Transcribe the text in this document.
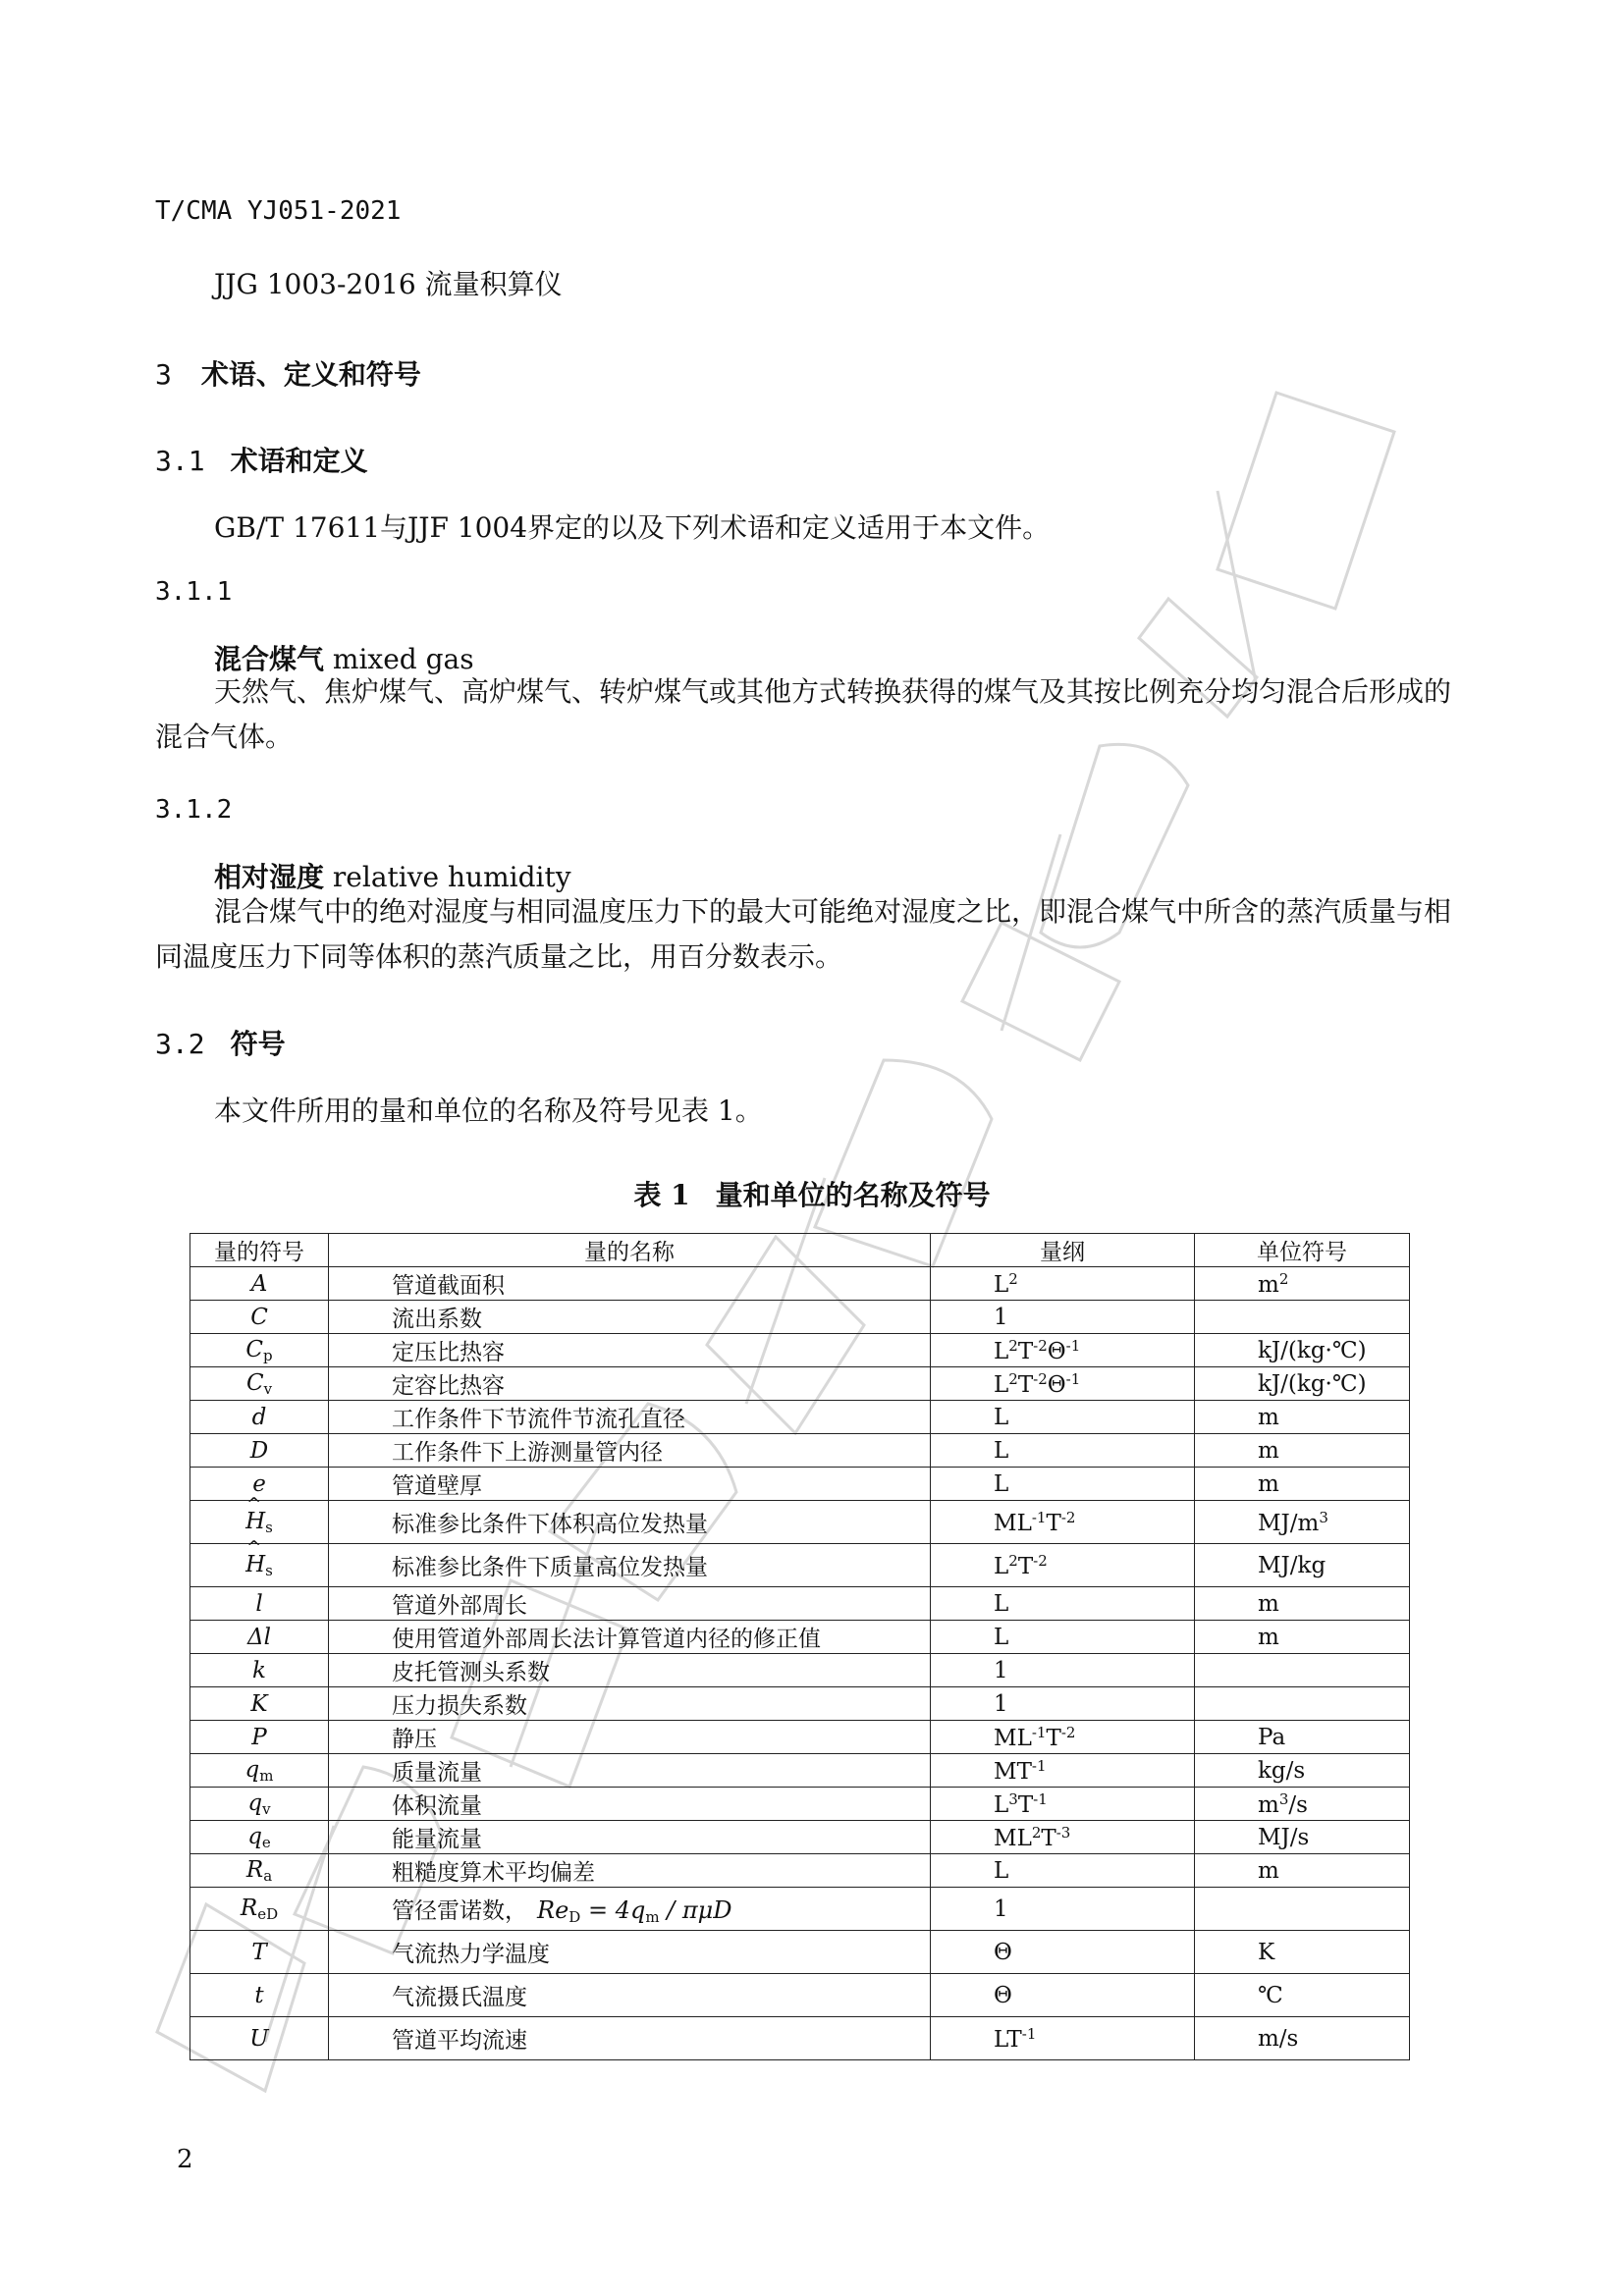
T/CMA YJ051-2021
JJG 1003-2016 流量积算仪
3 术语、定义和符号
3.1 术语和定义
GB/T 17611与JJF 1004界定的以及下列术语和定义适用于本文件。
3.1.1
混合煤气 mixed gas
天然气、焦炉煤气、高炉煤气、转炉煤气或其他方式转换获得的煤气及其按比例充分均匀混合后形成的混合气体。
3.1.2
相对湿度 relative humidity
混合煤气中的绝对湿度与相同温度压力下的最大可能绝对湿度之比，即混合煤气中所含的蒸汽质量与相同温度压力下同等体积的蒸汽质量之比，用百分数表示。
3.2 符号
本文件所用的量和单位的名称及符号见表 1。
表 1 量和单位的名称及符号
量的符号	量的名称	量纲	单位符号
A	管道截面积	$L^2$	$m^2$
C	流出系数	1	
$C_p$	定压比热容	$L^2T^{-2}\Theta^{-1}$	kJ/(kg·℃)
$C_v$	定容比热容	$L^2T^{-2}\Theta^{-1}$	kJ/(kg·℃)
d	工作条件下节流件节流孔直径	L	m
D	工作条件下上游测量管内径	L	m
e	管道壁厚	L	m
^ $H_s$	标准参比条件下体积高位发热量	$ML^{-1}T^{-2}$	$MJ/m^3$
^ $H_s$	标准参比条件下质量高位发热量	$L^2T^{-2}$	MJ/kg
l	管道外部周长	L	m
Δl	使用管道外部周长法计算管道内径的修正值	L	m
k	皮托管测头系数	1	
K	压力损失系数	1	
P	静压	$ML^{-1}T^{-2}$	Pa
$q_m$	质量流量	$MT^{-1}$	kg/s
$q_v$	体积流量	$L^3T^{-1}$	$m^3/s$
$q_e$	能量流量	$ML^2T^{-3}$	MJ/s
$R_a$	粗糙度算术平均偏差	L	m
$R_{eD}$	管径雷诺数， $Re_D = 4q_m / \pi\mu D$	1	
T	气流热力学温度	Θ	K
t	气流摄氏温度	Θ	℃
U	管道平均流速	$LT^{-1}$	m/s
2
